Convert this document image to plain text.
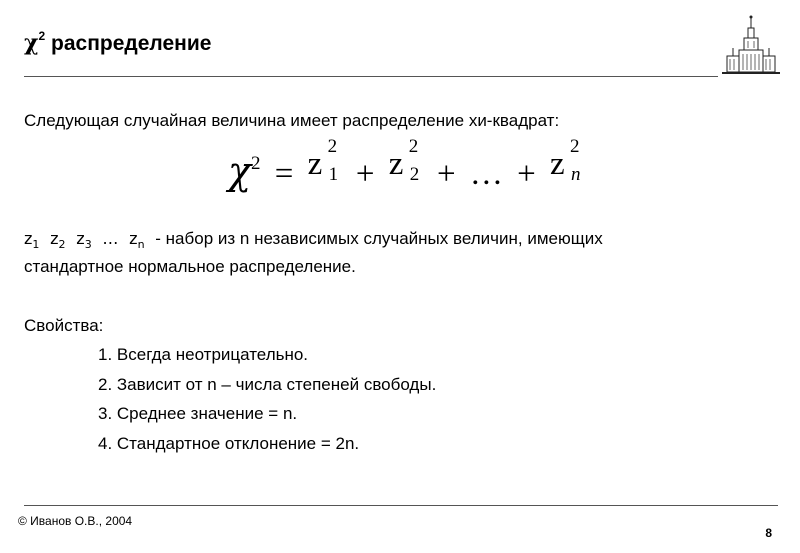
$\chi^2$ распределение
Следующая случайная величина имеет распределение хи-квадрат:
$\chi^2 = z$ 2
1 + z 2
2 + … + z 2
n
$z_1$ $z_2$ $z_3$ … $z_n$ - набор из n независимых случайных величин, имеющих
стандартное нормальное распределение.
Свойства:
1. Всегда неотрицательно.
2. Зависит от n – числа степеней свободы.
3. Среднее значение = n.
4. Стандартное отклонение = 2n.
© Иванов О.В., 2004
8
